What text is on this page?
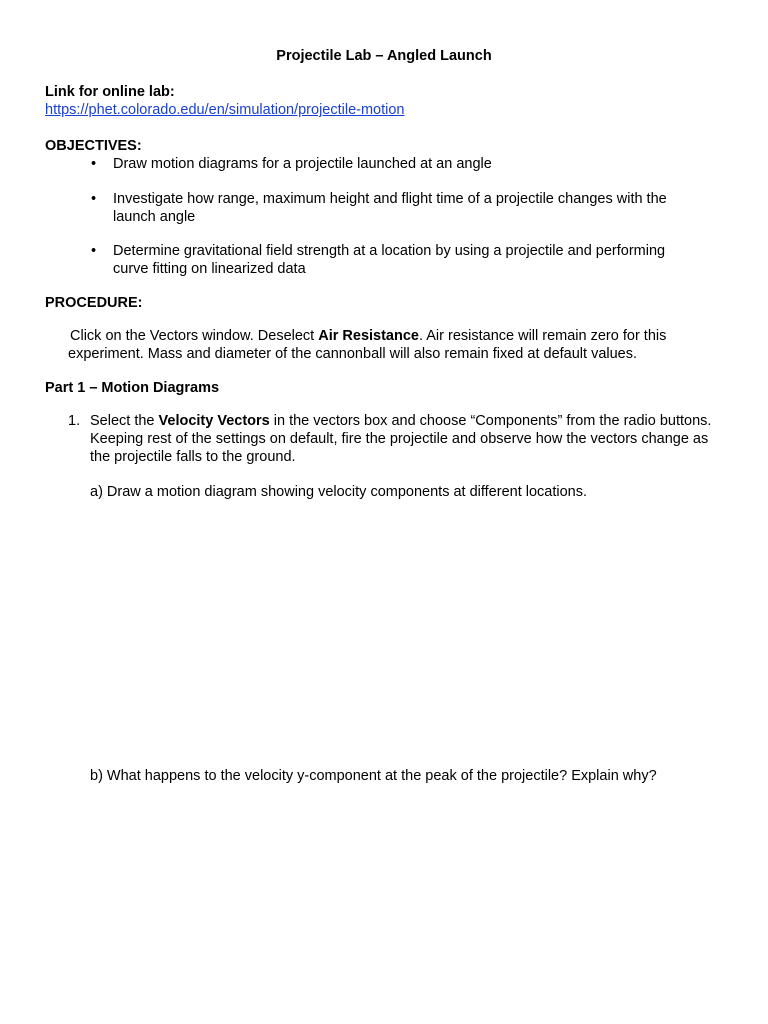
Projectile Lab – Angled Launch
Link for online lab:
https://phet.colorado.edu/en/simulation/projectile-motion
OBJECTIVES:
• Draw motion diagrams for a projectile launched at an angle
• Investigate how range, maximum height and flight time of a projectile changes with the launch angle
• Determine gravitational field strength at a location by using a projectile and performing curve fitting on linearized data
PROCEDURE:
Click on the Vectors window. Deselect Air Resistance. Air resistance will remain zero for this experiment. Mass and diameter of the cannonball will also remain fixed at default values.
Part 1 – Motion Diagrams
1. Select the Velocity Vectors in the vectors box and choose “Components” from the radio buttons. Keeping rest of the settings on default, fire the projectile and observe how the vectors change as the projectile falls to the ground.
a) Draw a motion diagram showing velocity components at different locations.
b) What happens to the velocity y-component at the peak of the projectile? Explain why?
